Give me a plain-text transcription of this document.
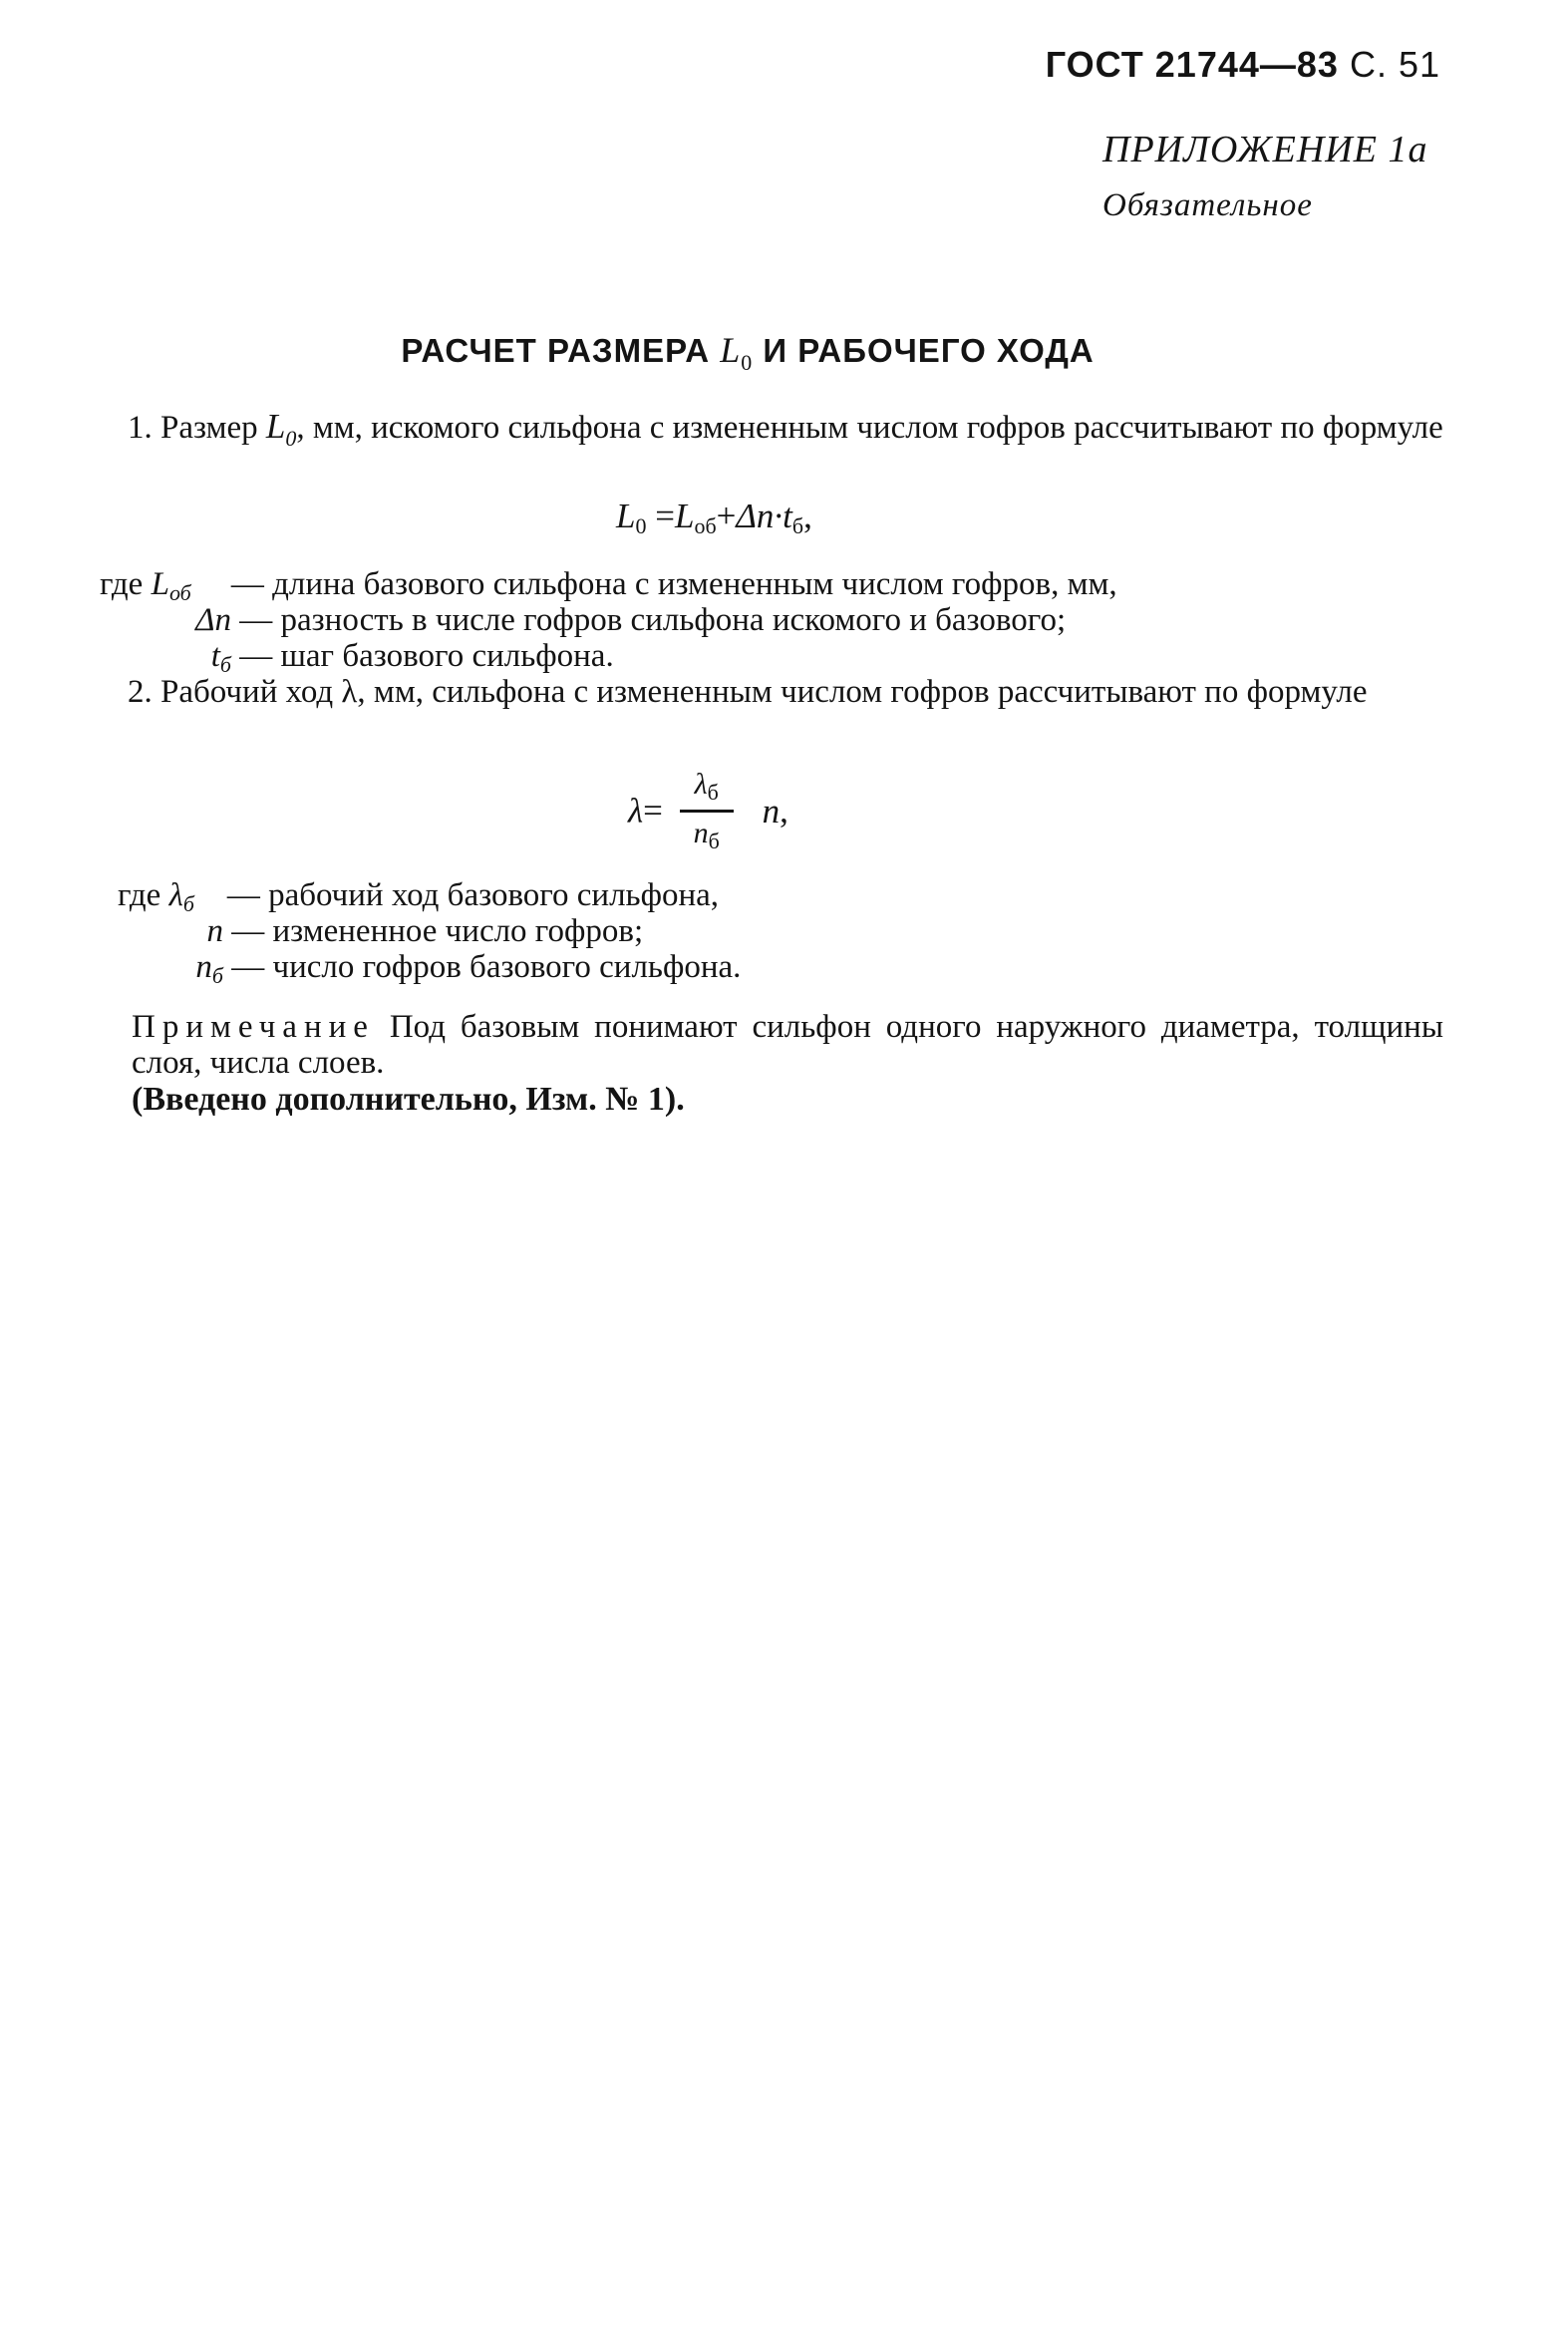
ГОСТ 21744—83 С. 51
ПРИЛОЖЕНИЕ 1а
Обязательное
РАСЧЕТ РАЗМЕРА $L_0$ И РАБОЧЕГО ХОДА
1. Размер $L_0$, мм, искомого сильфона с измененным числом гофров рассчитывают по формуле
$L_0 =L_{об}+\Delta n\cdot t_б$,
где $L_{об}$ — длина базового сильфона с измененным числом гофров, мм,
Δn — разность в числе гофров сильфона искомого и базового;
$t_б$ — шаг базового сильфона.
2. Рабочий ход λ, мм, сильфона с измененным числом гофров рассчитывают по формуле
$\lambda= \frac{\lambda_б}{n_б} n$,
где $\lambda_б$ — рабочий ход базового сильфона,
n — измененное число гофров;
$n_б$ — число гофров базового сильфона.
Примечание Под базовым понимают сильфон одного наружного диаметра, толщины слоя, числа слоев.
(Введено дополнительно, Изм. № 1).
